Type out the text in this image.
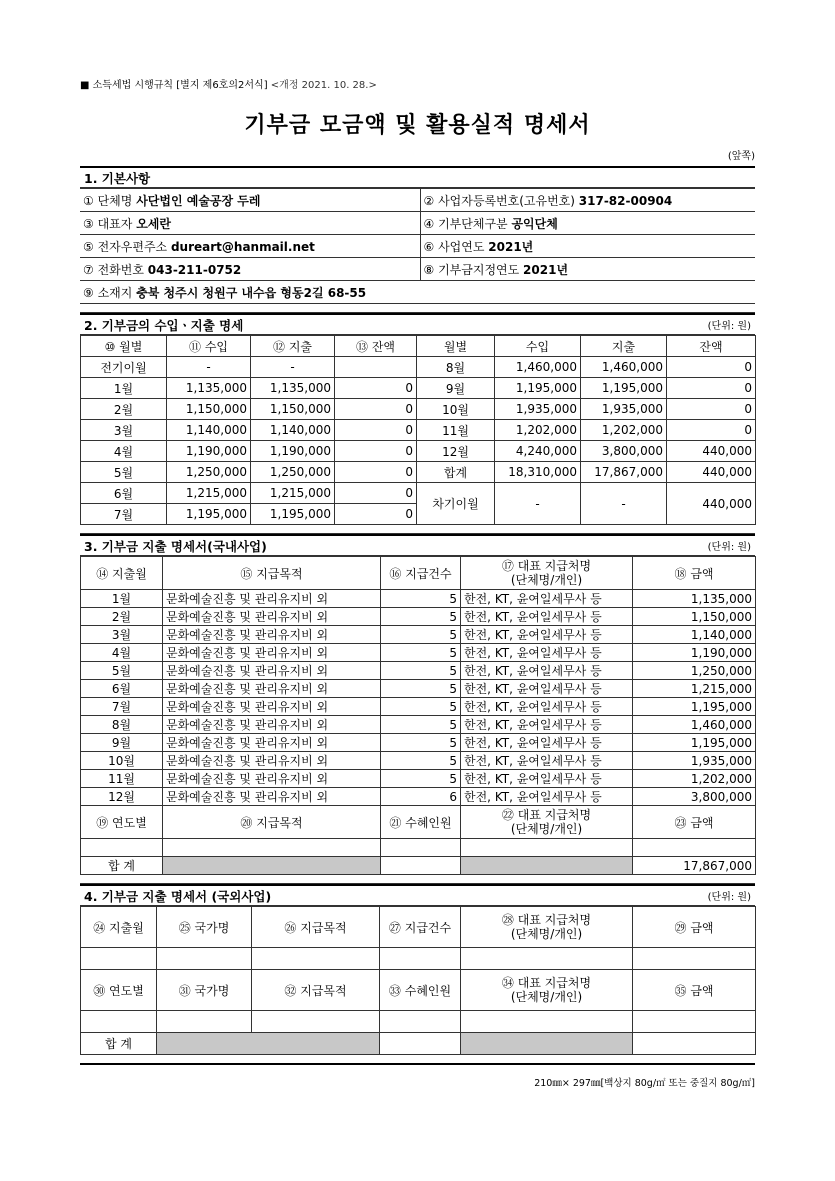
■ 소득세법 시행규칙 [별지 제6호의2서식] <개정 2021. 10. 28.>
기부금 모금액 및 활용실적 명세서
(앞쪽)
1. 기본사항
① 단체명 사단법인 예술공장 두레	② 사업자등록번호(고유번호) 317-82-00904
③ 대표자 오세란	④ 기부단체구분 공익단체
⑤ 전자우편주소 dureart@hanmail.net	⑥ 사업연도 2021년
⑦ 전화번호 043-211-0752	⑧ 기부금지정연도 2021년
⑨ 소재지 충북 청주시 청원구 내수읍 형동2길 68-55	
2. 기부금의 수입ㆍ지출 명세	(단위: 원)
⑩ 월별	⑪ 수입	⑫ 지출	⑬ 잔액	월별	수입	지출	잔액
전기이월	-	-		8월	1,460,000	1,460,000	0
1월	1,135,000	1,135,000	0	9월	1,195,000	1,195,000	0
2월	1,150,000	1,150,000	0	10월	1,935,000	1,935,000	0
3월	1,140,000	1,140,000	0	11월	1,202,000	1,202,000	0
4월	1,190,000	1,190,000	0	12월	4,240,000	3,800,000	440,000
5월	1,250,000	1,250,000	0	합계	18,310,000	17,867,000	440,000
6월	1,215,000	1,215,000	0	차기이월	-	-	440,000
7월	1,195,000	1,195,000	0				
3. 기부금 지출 명세서(국내사업)	(단위: 원)
⑭ 지출월	⑮ 지급목적	⑯ 지급건수	⑰ 대표 지급처명
(단체명/개인)	⑱ 금액
1월	문화예술진흥 및 관리유지비 외	5	한전, KT, 윤여일세무사 등	1,135,000
2월	문화예술진흥 및 관리유지비 외	5	한전, KT, 윤여일세무사 등	1,150,000
3월	문화예술진흥 및 관리유지비 외	5	한전, KT, 윤여일세무사 등	1,140,000
4월	문화예술진흥 및 관리유지비 외	5	한전, KT, 윤여일세무사 등	1,190,000
5월	문화예술진흥 및 관리유지비 외	5	한전, KT, 윤여일세무사 등	1,250,000
6월	문화예술진흥 및 관리유지비 외	5	한전, KT, 윤여일세무사 등	1,215,000
7월	문화예술진흥 및 관리유지비 외	5	한전, KT, 윤여일세무사 등	1,195,000
8월	문화예술진흥 및 관리유지비 외	5	한전, KT, 윤여일세무사 등	1,460,000
9월	문화예술진흥 및 관리유지비 외	5	한전, KT, 윤여일세무사 등	1,195,000
10월	문화예술진흥 및 관리유지비 외	5	한전, KT, 윤여일세무사 등	1,935,000
11월	문화예술진흥 및 관리유지비 외	5	한전, KT, 윤여일세무사 등	1,202,000
12월	문화예술진흥 및 관리유지비 외	6	한전, KT, 윤여일세무사 등	3,800,000
⑲ 연도별	⑳ 지급목적	㉑ 수혜인원	㉒ 대표 지급처명
(단체명/개인)	㉓ 금액

합 계				17,867,000
4. 기부금 지출 명세서 (국외사업)	(단위: 원)
㉔ 지출월	㉕ 국가명	㉖ 지급목적	㉗ 지급건수	㉘ 대표 지급처명
(단체명/개인)	㉙ 금액

㉚ 연도별	㉛ 국가명	㉜ 지급목적	㉝ 수혜인원	㉞ 대표 지급처명
(단체명/개인)	㉟ 금액

합 계					
210㎜× 297㎜[백상지 80g/㎡ 또는 중질지 80g/㎡]
